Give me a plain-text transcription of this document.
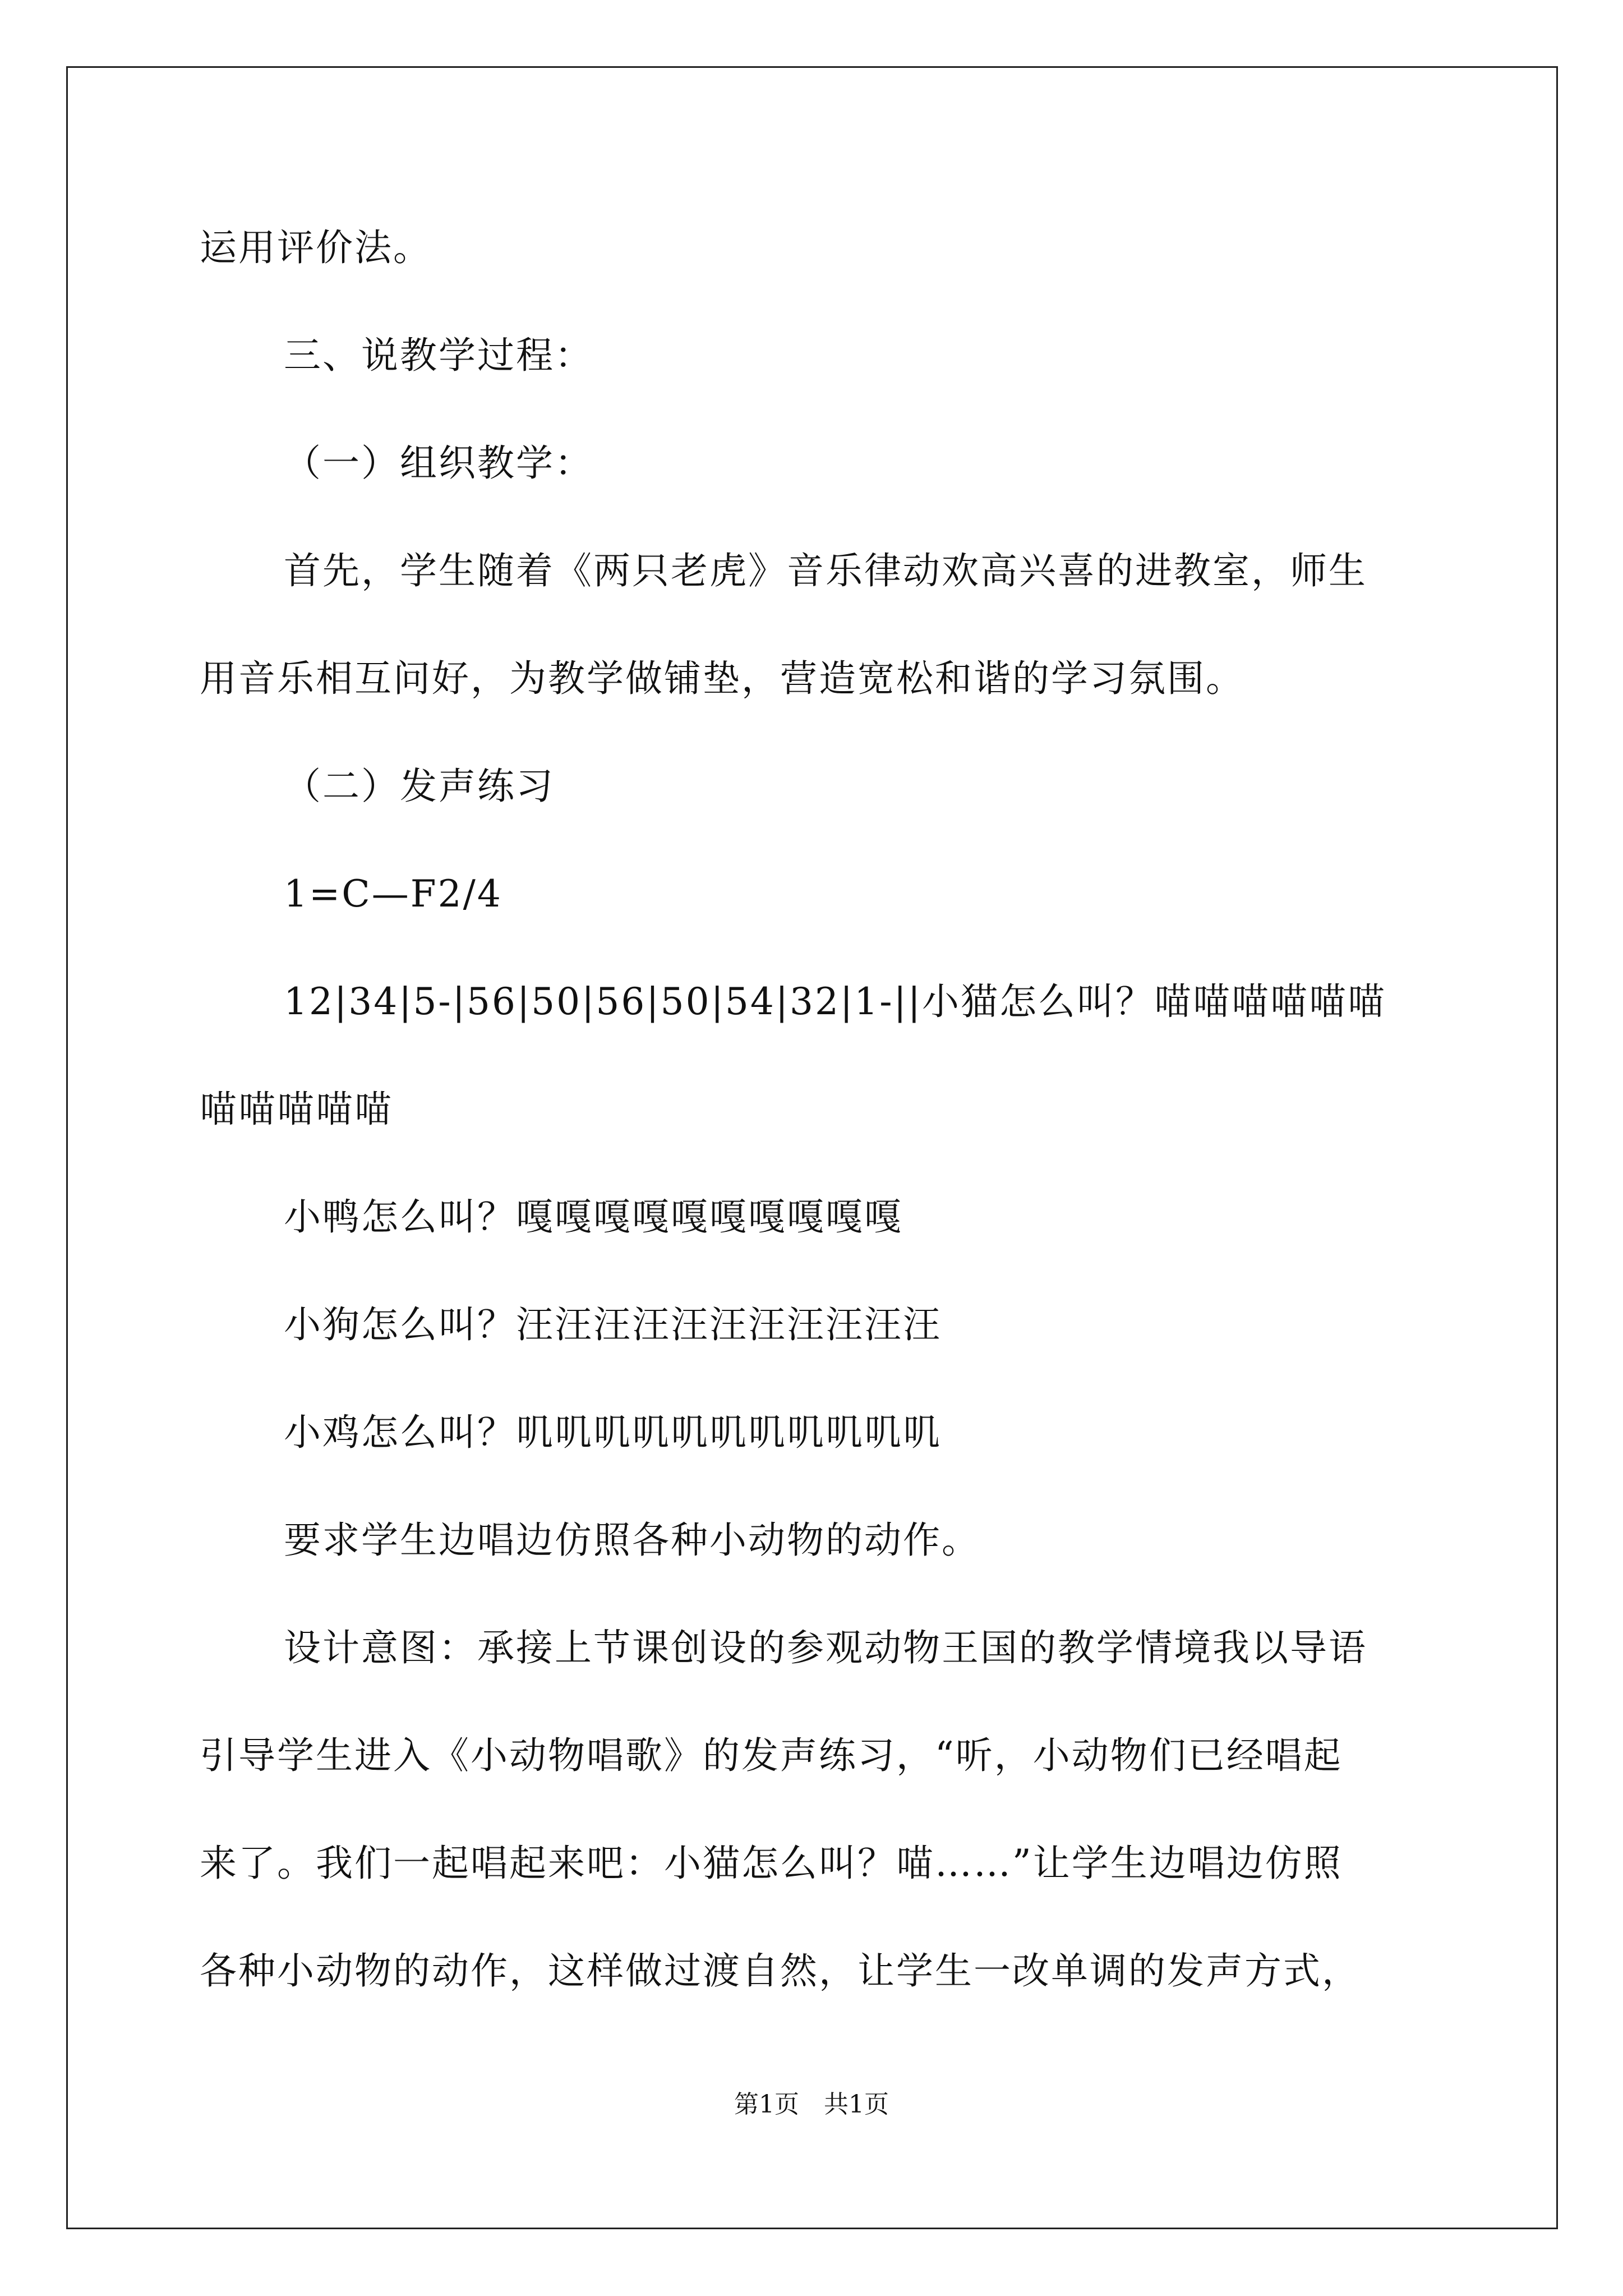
运用评价法。
三、说教学过程：
（一）组织教学：
首先，学生随着《两只老虎》音乐律动欢高兴喜的进教室，师生
用音乐相互问好，为教学做铺垫，营造宽松和谐的学习氛围。
（二）发声练习
1=C—F2/4
12|34|5-|56|50|56|50|54|32|1-||小猫怎么叫？喵喵喵喵喵喵
喵喵喵喵喵
小鸭怎么叫？嘎嘎嘎嘎嘎嘎嘎嘎嘎嘎
小狗怎么叫？汪汪汪汪汪汪汪汪汪汪汪
小鸡怎么叫？叽叽叽叽叽叽叽叽叽叽叽
要求学生边唱边仿照各种小动物的动作。
设计意图：承接上节课创设的参观动物王国的教学情境我以导语
引导学生进入《小动物唱歌》的发声练习，“听，小动物们已经唱起
来了。我们一起唱起来吧：小猫怎么叫？喵……”让学生边唱边仿照
各种小动物的动作，这样做过渡自然，让学生一改单调的发声方式，
第1页　共1页
